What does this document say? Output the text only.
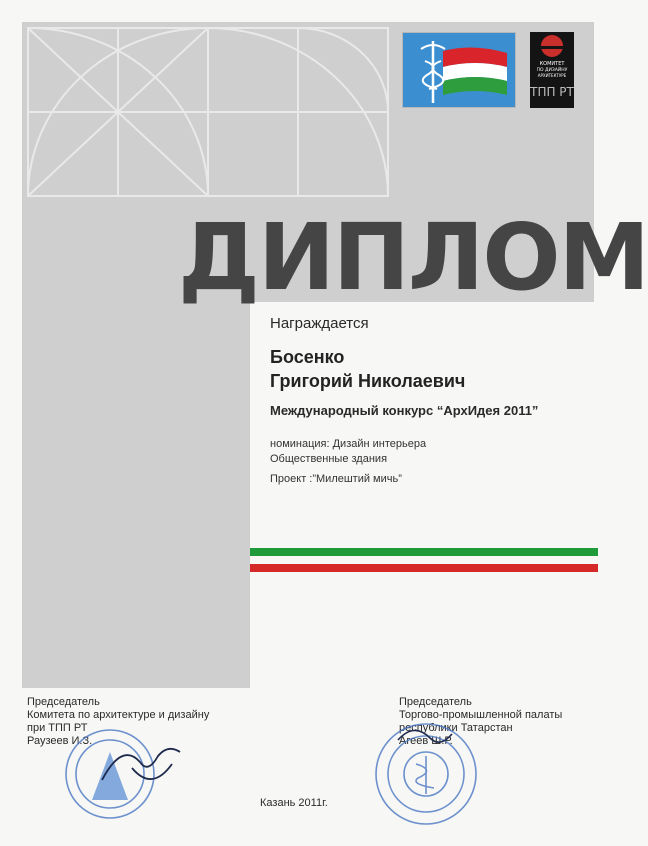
КОМИТЕТ
ПО ДИЗАЙНУ
АРХИТЕКТУРЕ
ТПП РТ
ДИПЛОМ
Награждается
Босенко
Григорий Николаевич
Международный конкурс “АрхИдея 2011”
номинация: Дизайн интерьера
Общественные здания
Проект :”Милештий мичь”
Председатель
Комитета по архитектуре и дизайну
при ТПП РТ
Раузеев И.З.
Председатель
Торгово-промышленной палаты
республики Татарстан
Агеев Ш.Р.
Казань 2011г.
